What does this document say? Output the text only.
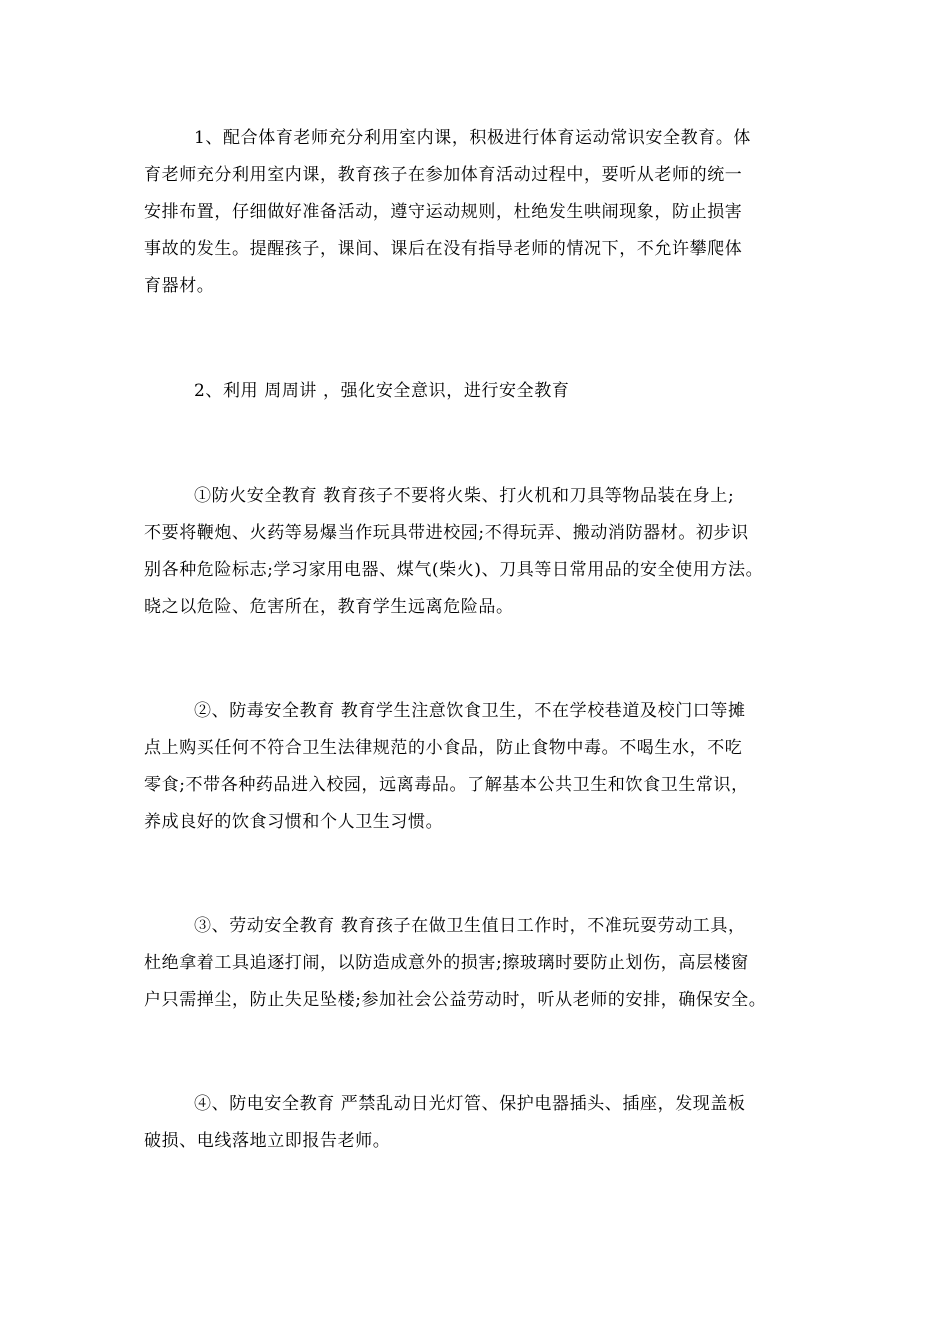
1、配合体育老师充分利用室内课，积极进行体育运动常识安全教育。体
育老师充分利用室内课，教育孩子在参加体育活动过程中，要听从老师的统一
安排布置，仔细做好准备活动，遵守运动规则，杜绝发生哄闹现象，防止损害
事故的发生。提醒孩子，课间、课后在没有指导老师的情况下，不允许攀爬体
育器材。
2、利用 周周讲 ，强化安全意识，进行安全教育
①防火安全教育 教育孩子不要将火柴、打火机和刀具等物品装在身上;
不要将鞭炮、火药等易爆当作玩具带进校园;不得玩弄、搬动消防器材。初步识
别各种危险标志;学习家用电器、煤气(柴火)、刀具等日常用品的安全使用方法。
晓之以危险、危害所在，教育学生远离危险品。
②、防毒安全教育 教育学生注意饮食卫生，不在学校巷道及校门口等摊
点上购买任何不符合卫生法律规范的小食品，防止食物中毒。不喝生水，不吃
零食;不带各种药品进入校园，远离毒品。了解基本公共卫生和饮食卫生常识，
养成良好的饮食习惯和个人卫生习惯。
③、劳动安全教育 教育孩子在做卫生值日工作时，不准玩耍劳动工具，
杜绝拿着工具追逐打闹，以防造成意外的损害;擦玻璃时要防止划伤，高层楼窗
户只需掸尘，防止失足坠楼;参加社会公益劳动时，听从老师的安排，确保安全。
④、防电安全教育 严禁乱动日光灯管、保护电器插头、插座，发现盖板
破损、电线落地立即报告老师。
